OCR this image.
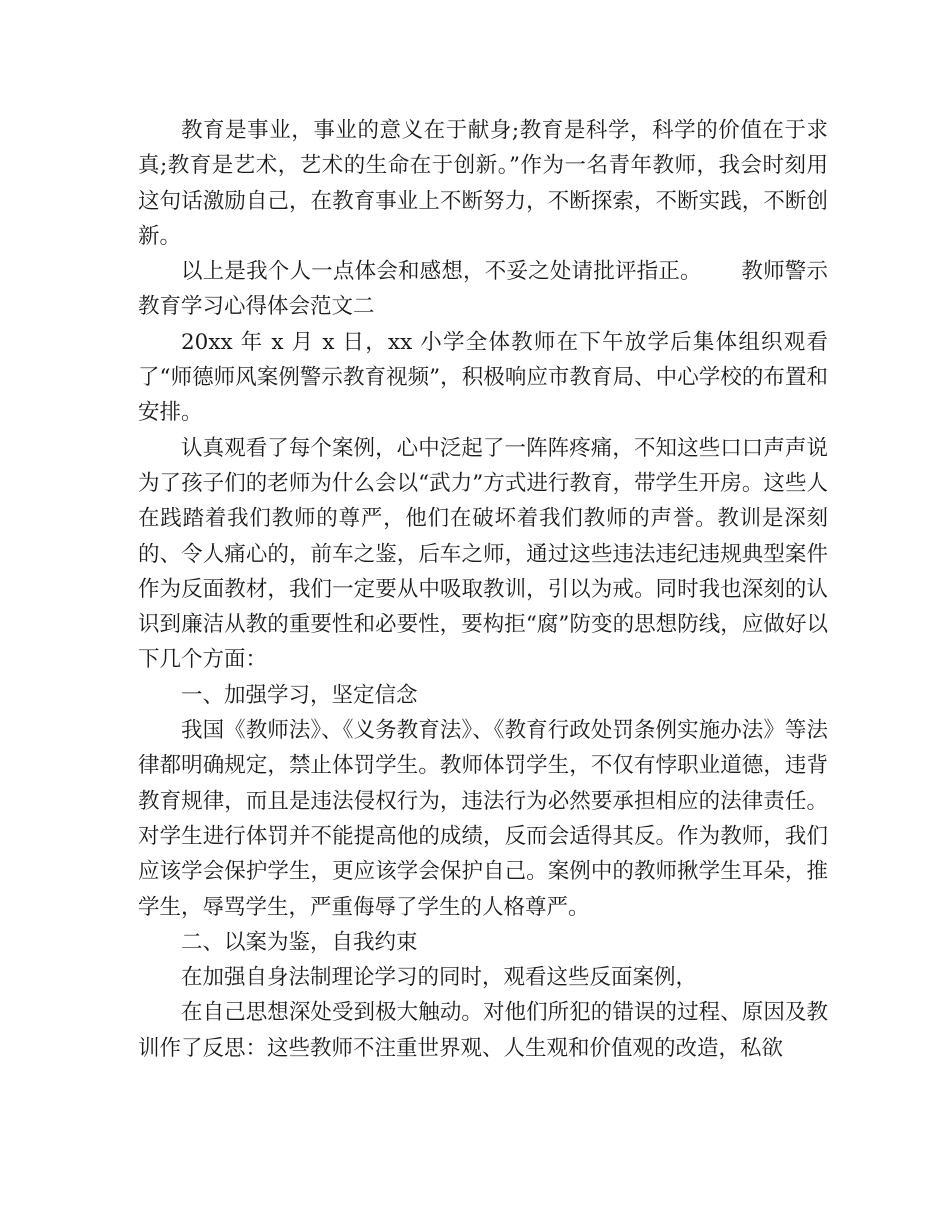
教育是事业，事业的意义在于献身;教育是科学，科学的价值在于求真;教育是艺术，艺术的生命在于创新。”作为一名青年教师，我会时刻用这句话激励自己，在教育事业上不断努力，不断探索，不断实践，不断创新。

以上是我个人一点体会和感想，不妥之处请批评指正。　　 教师警示教育学习心得体会范文二

20xx 年 x 月 x 日，xx 小学全体教师在下午放学后集体组织观看了“师德师风案例警示教育视频”，积极响应市教育局、中心学校的布置和安排。

认真观看了每个案例，心中泛起了一阵阵疼痛，不知这些口口声声说为了孩子们的老师为什么会以“武力”方式进行教育，带学生开房。这些人在践踏着我们教师的尊严，他们在破坏着我们教师的声誉。教训是深刻的、令人痛心的，前车之鉴，后车之师，通过这些违法违纪违规典型案件作为反面教材，我们一定要从中吸取教训，引以为戒。同时我也深刻的认识到廉洁从教的重要性和必要性，要构拒“腐”防变的思想防线，应做好以下几个方面：

一、加强学习，坚定信念

我国《教师法》、《义务教育法》、《教育行政处罚条例实施办法》等法律都明确规定，禁止体罚学生。教师体罚学生，不仅有悖职业道德，违背教育规律，而且是违法侵权行为，违法行为必然要承担相应的法律责任。对学生进行体罚并不能提高他的成绩，反而会适得其反。作为教师，我们应该学会保护学生，更应该学会保护自己。案例中的教师揪学生耳朵，推学生，辱骂学生，严重侮辱了学生的人格尊严。

二、以案为鉴，自我约束

在加强自身法制理论学习的同时，观看这些反面案例，

在自己思想深处受到极大触动。对他们所犯的错误的过程、原因及教训作了反思：这些教师不注重世界观、人生观和价值观的改造，私欲
